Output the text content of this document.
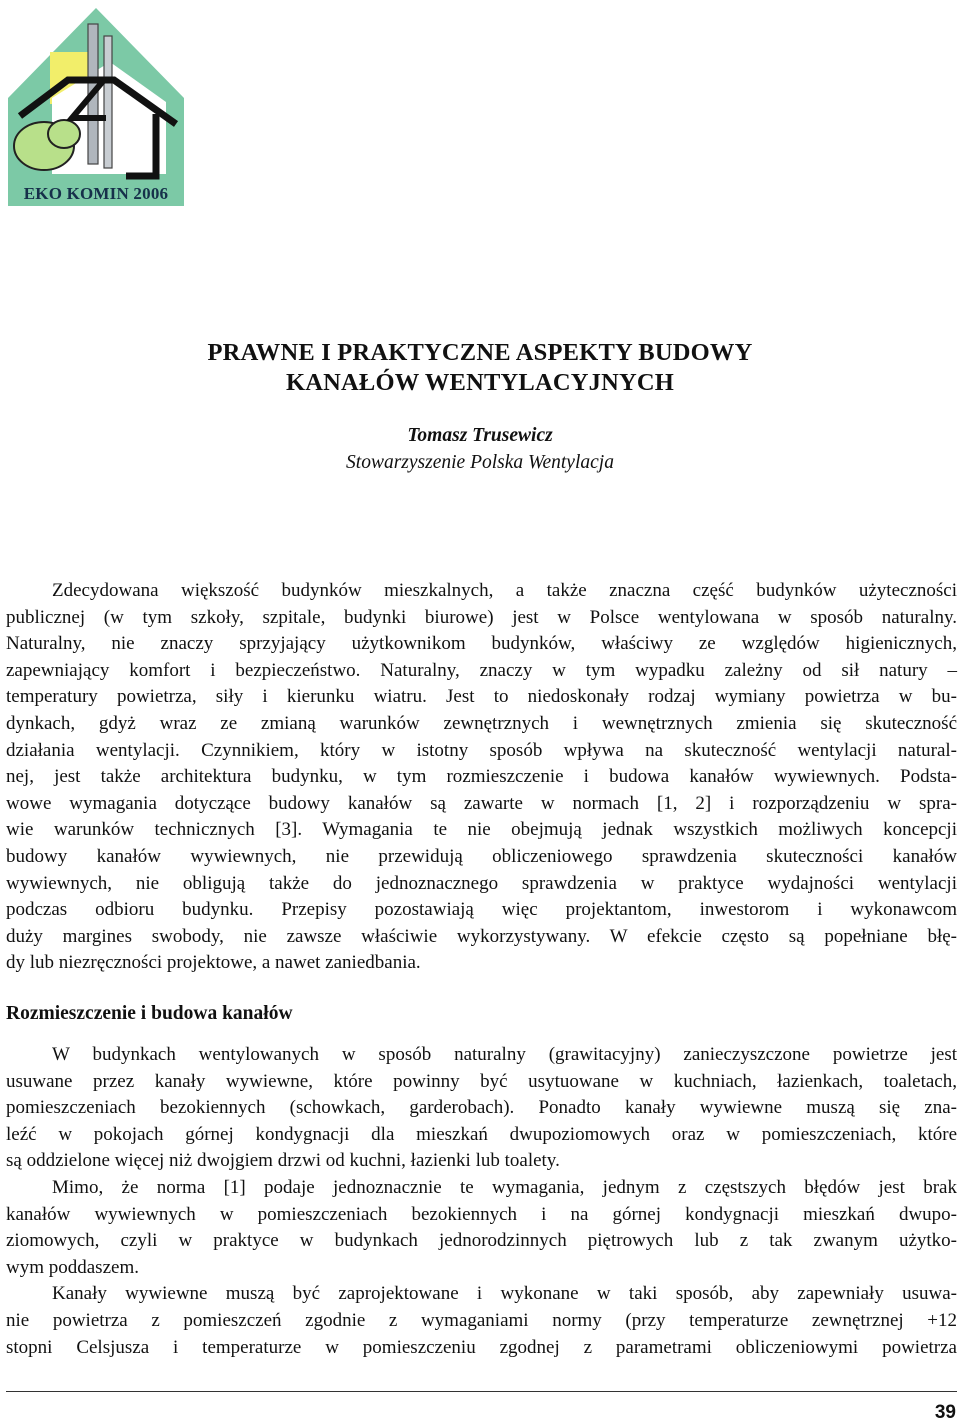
EKO KOMIN 2006
PRAWNE I PRAKTYCZNE ASPEKTY BUDOWY
KANAŁÓW WENTYLACYJNYCH
Tomasz Trusewicz
Stowarzyszenie Polska Wentylacja
Zdecydowana większość budynków mieszkalnych, a także znaczna część budynków użyteczności
publicznej (w tym szkoły, szpitale, budynki biurowe) jest w Polsce wentylowana w sposób naturalny.
Naturalny, nie znaczy sprzyjający użytkownikom budynków, właściwy ze względów higienicznych,
zapewniający komfort i bezpieczeństwo. Naturalny, znaczy w tym wypadku zależny od sił natury –
temperatury powietrza, siły i kierunku wiatru. Jest to niedoskonały rodzaj wymiany powietrza w bu-
dynkach, gdyż wraz ze zmianą warunków zewnętrznych i wewnętrznych zmienia się skuteczność
działania wentylacji. Czynnikiem, który w istotny sposób wpływa na skuteczność wentylacji natural-
nej, jest także architektura budynku, w tym rozmieszczenie i budowa kanałów wywiewnych. Podsta-
wowe wymagania dotyczące budowy kanałów są zawarte w normach [1, 2] i rozporządzeniu w spra-
wie warunków technicznych [3]. Wymagania te nie obejmują jednak wszystkich możliwych koncepcji
budowy kanałów wywiewnych, nie przewidują obliczeniowego sprawdzenia skuteczności kanałów
wywiewnych, nie obligują także do jednoznacznego sprawdzenia w praktyce wydajności wentylacji
podczas odbioru budynku. Przepisy pozostawiają więc projektantom, inwestorom i wykonawcom
duży margines swobody, nie zawsze właściwie wykorzystywany. W efekcie często są popełniane błę-
dy lub niezręczności projektowe, a nawet zaniedbania.
Rozmieszczenie i budowa kanałów
W budynkach wentylowanych w sposób naturalny (grawitacyjny) zanieczyszczone powietrze jest
usuwane przez kanały wywiewne, które powinny być usytuowane w kuchniach, łazienkach, toaletach,
pomieszczeniach bezokiennych (schowkach, garderobach). Ponadto kanały wywiewne muszą się zna-
leźć w pokojach górnej kondygnacji dla mieszkań dwupoziomowych oraz w pomieszczeniach, które
są oddzielone więcej niż dwojgiem drzwi od kuchni, łazienki lub toalety.
Mimo, że norma [1] podaje jednoznacznie te wymagania, jednym z częstszych błędów jest brak
kanałów wywiewnych w pomieszczeniach bezokiennych i na górnej kondygnacji mieszkań dwupo-
ziomowych, czyli w praktyce w budynkach jednorodzinnych piętrowych lub z tak zwanym użytko-
wym poddaszem.
Kanały wywiewne muszą być zaprojektowane i wykonane w taki sposób, aby zapewniały usuwa-
nie powietrza z pomieszczeń zgodnie z wymaganiami normy (przy temperaturze zewnętrznej +12
stopni Celsjusza i temperaturze w pomieszczeniu zgodnej z parametrami obliczeniowymi powietrza
39
